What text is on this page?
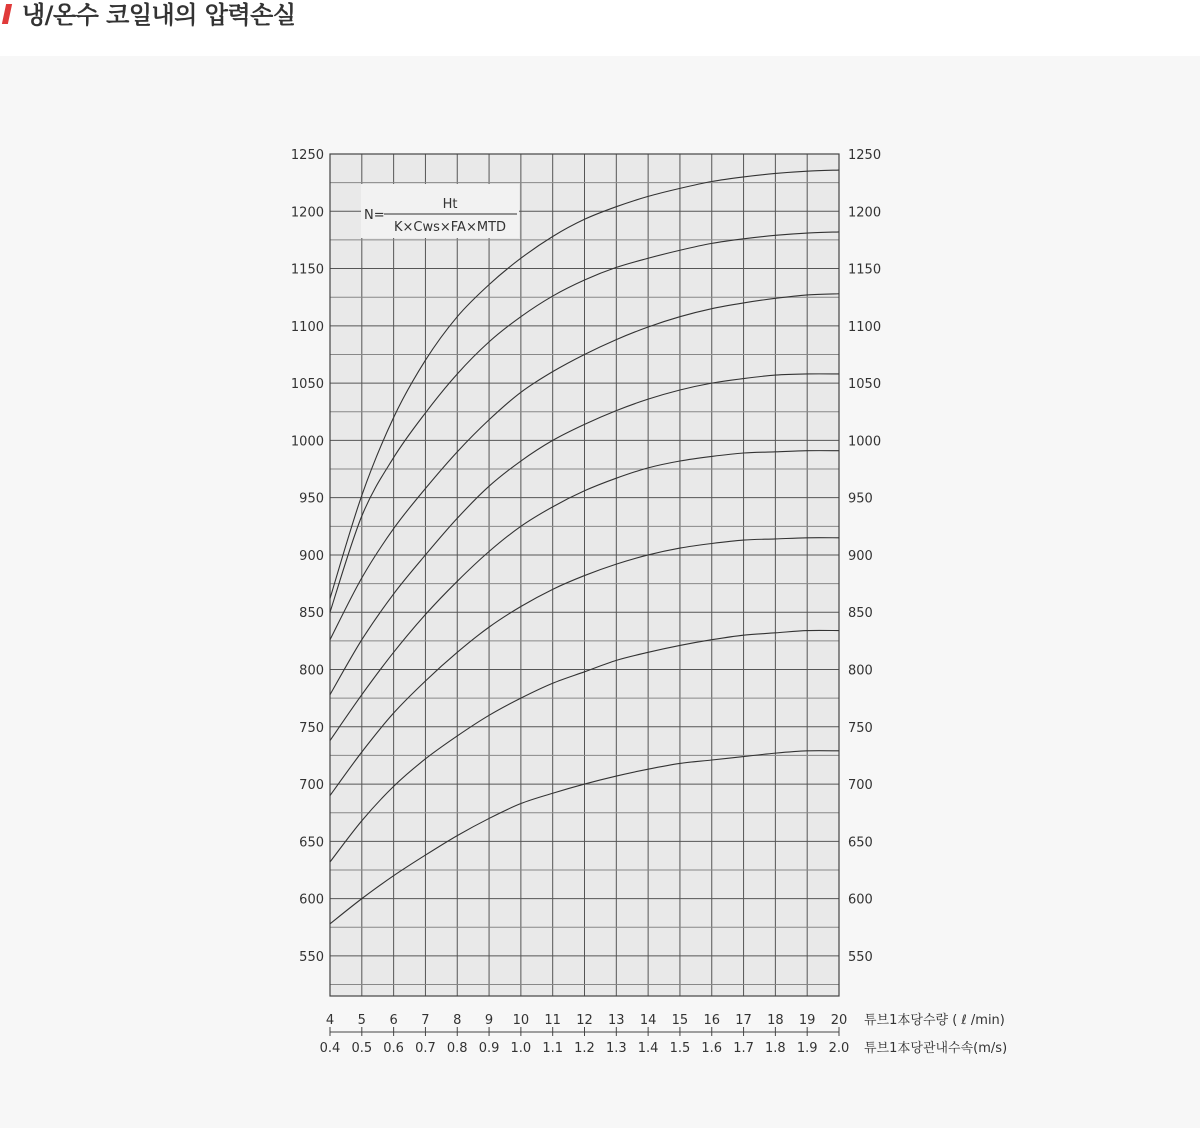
냉/온수 코일내의 압력손실
N=
Ht
K×Cws×FA×MTD
550	550
600	600
650	650
700	700
750	750
800	800
850	850
900	900
950	950
1000	1000
1050	1050
1100	1100
1150	1150
1200	1200
1250	1250
4 5 6 7 8 9 10 11 12 13 14 15 16 17 18 19 20
0.4 0.5 0.6 0.7 0.8 0.9 1.0 1.1 1.2 1.3 1.4 1.5 1.6 1.7 1.8 1.9 2.0
튜브1本당수량 ( ℓ /min)
튜브1本당관내수속(m/s)
